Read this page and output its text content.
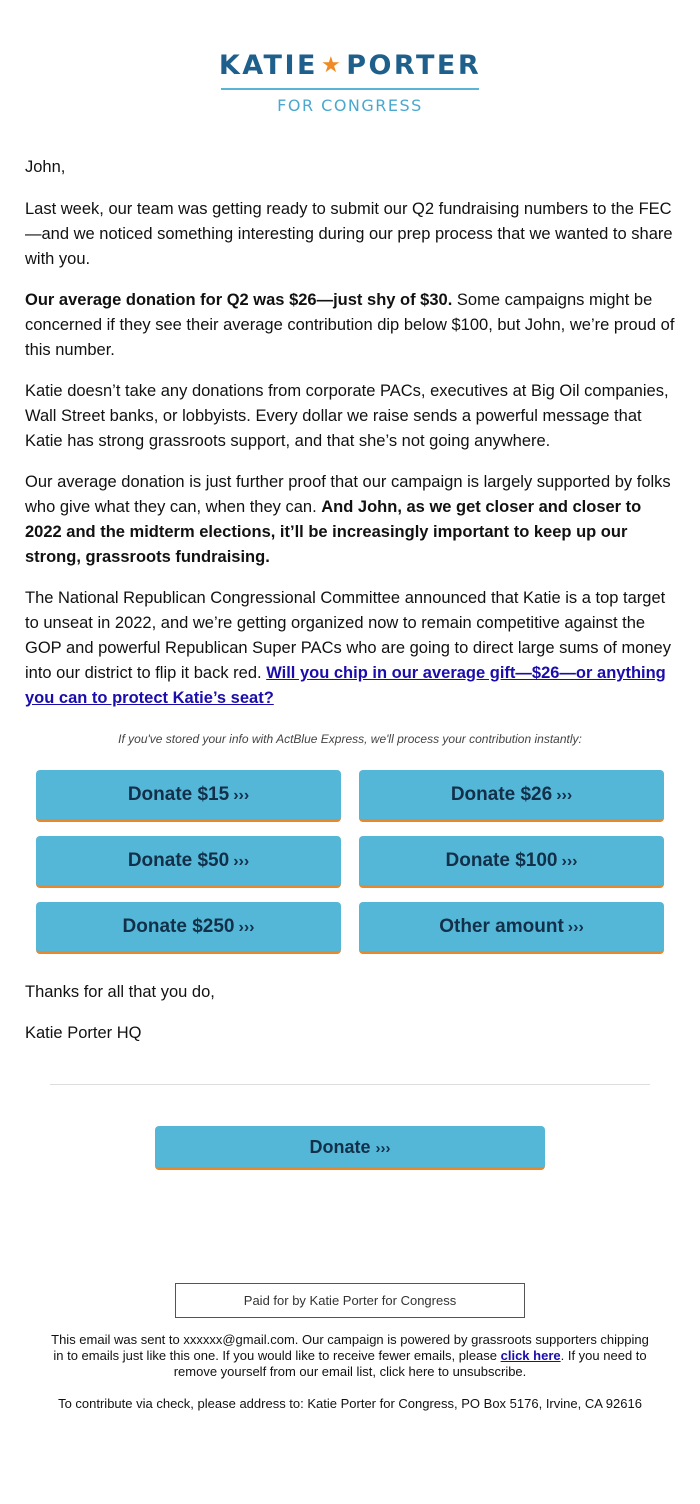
KATIE ★ PORTER
FOR CONGRESS

John,

Last week, our team was getting ready to submit our Q2 fundraising numbers to the FEC—and we noticed something interesting during our prep process that we wanted to share with you.

Our average donation for Q2 was $26—just shy of $30. Some campaigns might be concerned if they see their average contribution dip below $100, but John, we’re proud of this number.

Katie doesn’t take any donations from corporate PACs, executives at Big Oil companies, Wall Street banks, or lobbyists. Every dollar we raise sends a powerful message that Katie has strong grassroots support, and that she’s not going anywhere.

Our average donation is just further proof that our campaign is largely supported by folks who give what they can, when they can. And John, as we get closer and closer to 2022 and the midterm elections, it’ll be increasingly important to keep up our strong, grassroots fundraising.

The National Republican Congressional Committee announced that Katie is a top target to unseat in 2022, and we’re getting organized now to remain competitive against the GOP and powerful Republican Super PACs who are going to direct large sums of money into our district to flip it back red. Will you chip in our average gift—$26—or anything you can to protect Katie’s seat?

If you've stored your info with ActBlue Express, we'll process your contribution instantly:
Donate $15 ›››	Donate $26 ›››
Donate $50 ›››	Donate $100 ›››
Donate $250 ›››	Other amount ›››

Thanks for all that you do,

Katie Porter HQ

Donate ›››
Paid for by Katie Porter for Congress

This email was sent to xxxxxx@gmail.com. Our campaign is powered by grassroots supporters chipping in to emails just like this one. If you would like to receive fewer emails, please click here. If you need to remove yourself from our email list, click here to unsubscribe.

To contribute via check, please address to: Katie Porter for Congress, PO Box 5176, Irvine, CA 92616
